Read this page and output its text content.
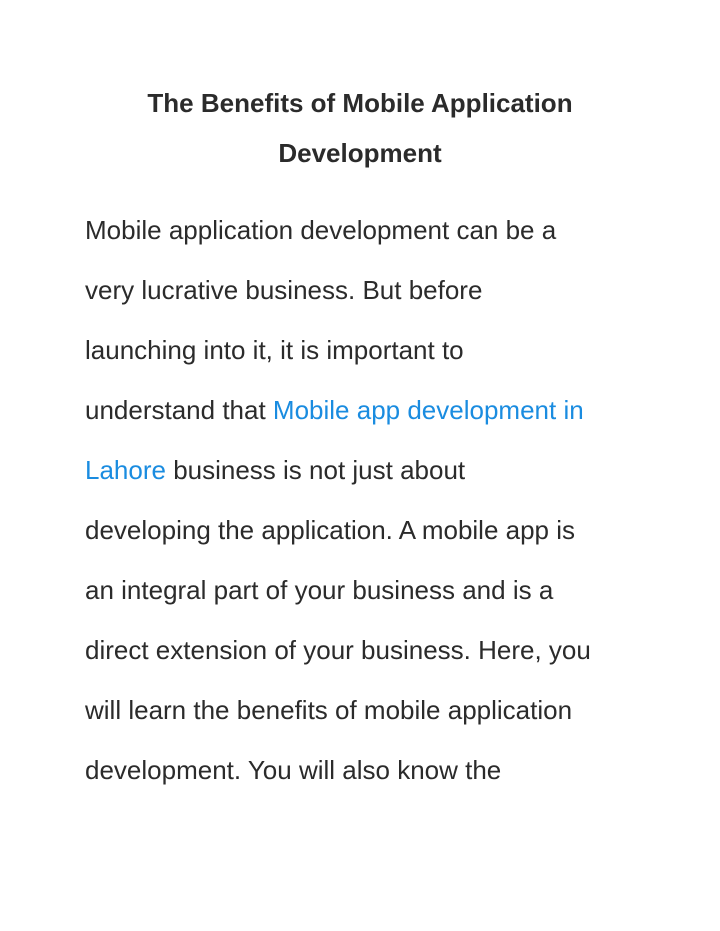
The Benefits of Mobile Application
Development
Mobile application development can be a
very lucrative business. But before
launching into it, it is important to
understand that Mobile app development in
Lahore business is not just about
developing the application. A mobile app is
an integral part of your business and is a
direct extension of your business. Here, you
will learn the benefits of mobile application
development. You will also know the
